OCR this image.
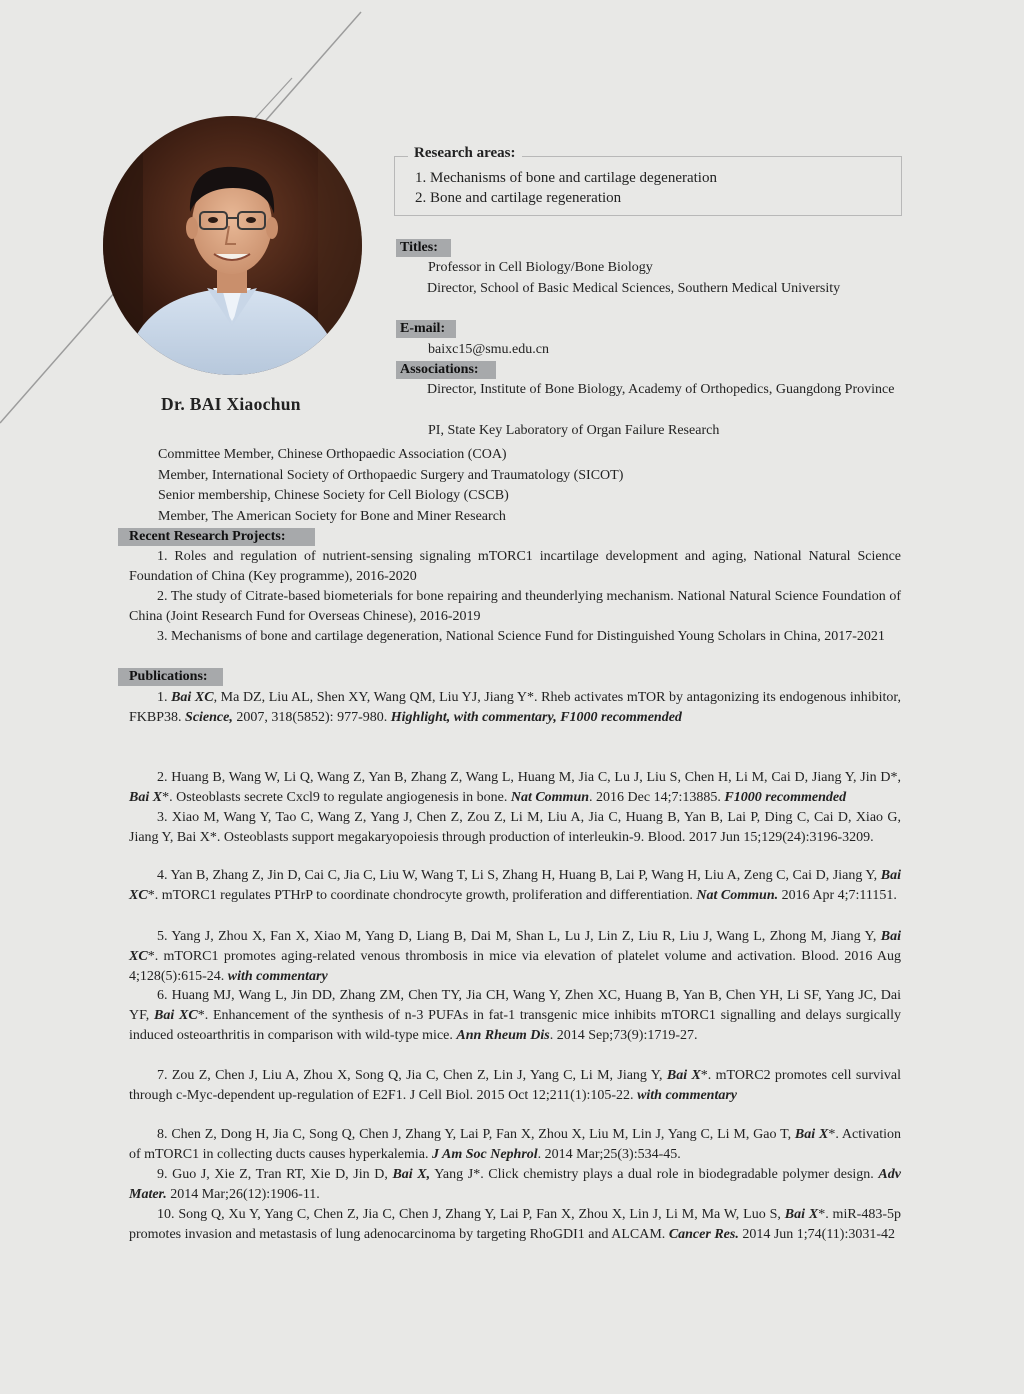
Dr. BAI Xiaochun
Research areas:
1. Mechanisms of bone and cartilage degeneration
2. Bone and cartilage regeneration
Titles:
Professor in Cell Biology/Bone Biology
Director, School of Basic Medical Sciences, Southern Medical University
E-mail:
baixc15@smu.edu.cn
Associations:
Director, Institute of Bone Biology, Academy of Orthopedics, Guangdong Province
PI, State Key Laboratory of Organ Failure Research
Committee Member, Chinese Orthopaedic Association (COA)
Member, International Society of Orthopaedic Surgery and Traumatology (SICOT)
Senior membership, Chinese Society for Cell Biology (CSCB)
Member, The American Society for Bone and Miner Research
Recent Research Projects:
1. Roles and regulation of nutrient-sensing signaling mTORC1 incartilage development and aging, National Natural Science Foundation of China (Key programme), 2016-2020
2. The study of Citrate-based biometerials for bone repairing and theunderlying mechanism. National Natural Science Foundation of China (Joint Research Fund for Overseas Chinese), 2016-2019
3. Mechanisms of bone and cartilage degeneration, National Science Fund for Distinguished Young Scholars in China, 2017-2021
Publications:
1. Bai XC, Ma DZ, Liu AL, Shen XY, Wang QM, Liu YJ, Jiang Y*. Rheb activates mTOR by antagonizing its endogenous inhibitor, FKBP38. Science, 2007, 318(5852): 977-980. Highlight, with commentary, F1000 recommended
2. Huang B, Wang W, Li Q, Wang Z, Yan B, Zhang Z, Wang L, Huang M, Jia C, Lu J, Liu S, Chen H, Li M, Cai D, Jiang Y, Jin D*, Bai X*. Osteoblasts secrete Cxcl9 to regulate angiogenesis in bone. Nat Commun. 2016 Dec 14;7:13885. F1000 recommended
3. Xiao M, Wang Y, Tao C, Wang Z, Yang J, Chen Z, Zou Z, Li M, Liu A, Jia C, Huang B, Yan B, Lai P, Ding C, Cai D, Xiao G, Jiang Y, Bai X*. Osteoblasts support megakaryopoiesis through production of interleukin-9. Blood. 2017 Jun 15;129(24):3196-3209.
4. Yan B, Zhang Z, Jin D, Cai C, Jia C, Liu W, Wang T, Li S, Zhang H, Huang B, Lai P, Wang H, Liu A, Zeng C, Cai D, Jiang Y, Bai XC*. mTORC1 regulates PTHrP to coordinate chondrocyte growth, proliferation and differentiation. Nat Commun. 2016 Apr 4;7:11151.
5. Yang J, Zhou X, Fan X, Xiao M, Yang D, Liang B, Dai M, Shan L, Lu J, Lin Z, Liu R, Liu J, Wang L, Zhong M, Jiang Y, Bai XC*. mTORC1 promotes aging-related venous thrombosis in mice via elevation of platelet volume and activation. Blood. 2016 Aug 4;128(5):615-24. with commentary
6. Huang MJ, Wang L, Jin DD, Zhang ZM, Chen TY, Jia CH, Wang Y, Zhen XC, Huang B, Yan B, Chen YH, Li SF, Yang JC, Dai YF, Bai XC*. Enhancement of the synthesis of n-3 PUFAs in fat-1 transgenic mice inhibits mTORC1 signalling and delays surgically induced osteoarthritis in comparison with wild-type mice. Ann Rheum Dis. 2014 Sep;73(9):1719-27.
7. Zou Z, Chen J, Liu A, Zhou X, Song Q, Jia C, Chen Z, Lin J, Yang C, Li M, Jiang Y, Bai X*. mTORC2 promotes cell survival through c-Myc-dependent up-regulation of E2F1. J Cell Biol. 2015 Oct 12;211(1):105-22. with commentary
8. Chen Z, Dong H, Jia C, Song Q, Chen J, Zhang Y, Lai P, Fan X, Zhou X, Liu M, Lin J, Yang C, Li M, Gao T, Bai X*. Activation of mTORC1 in collecting ducts causes hyperkalemia. J Am Soc Nephrol. 2014 Mar;25(3):534-45.
9. Guo J, Xie Z, Tran RT, Xie D, Jin D, Bai X, Yang J*. Click chemistry plays a dual role in biodegradable polymer design. Adv Mater. 2014 Mar;26(12):1906-11.
10. Song Q, Xu Y, Yang C, Chen Z, Jia C, Chen J, Zhang Y, Lai P, Fan X, Zhou X, Lin J, Li M, Ma W, Luo S, Bai X*. miR-483-5p promotes invasion and metastasis of lung adenocarcinoma by targeting RhoGDI1 and ALCAM. Cancer Res. 2014 Jun 1;74(11):3031-42
